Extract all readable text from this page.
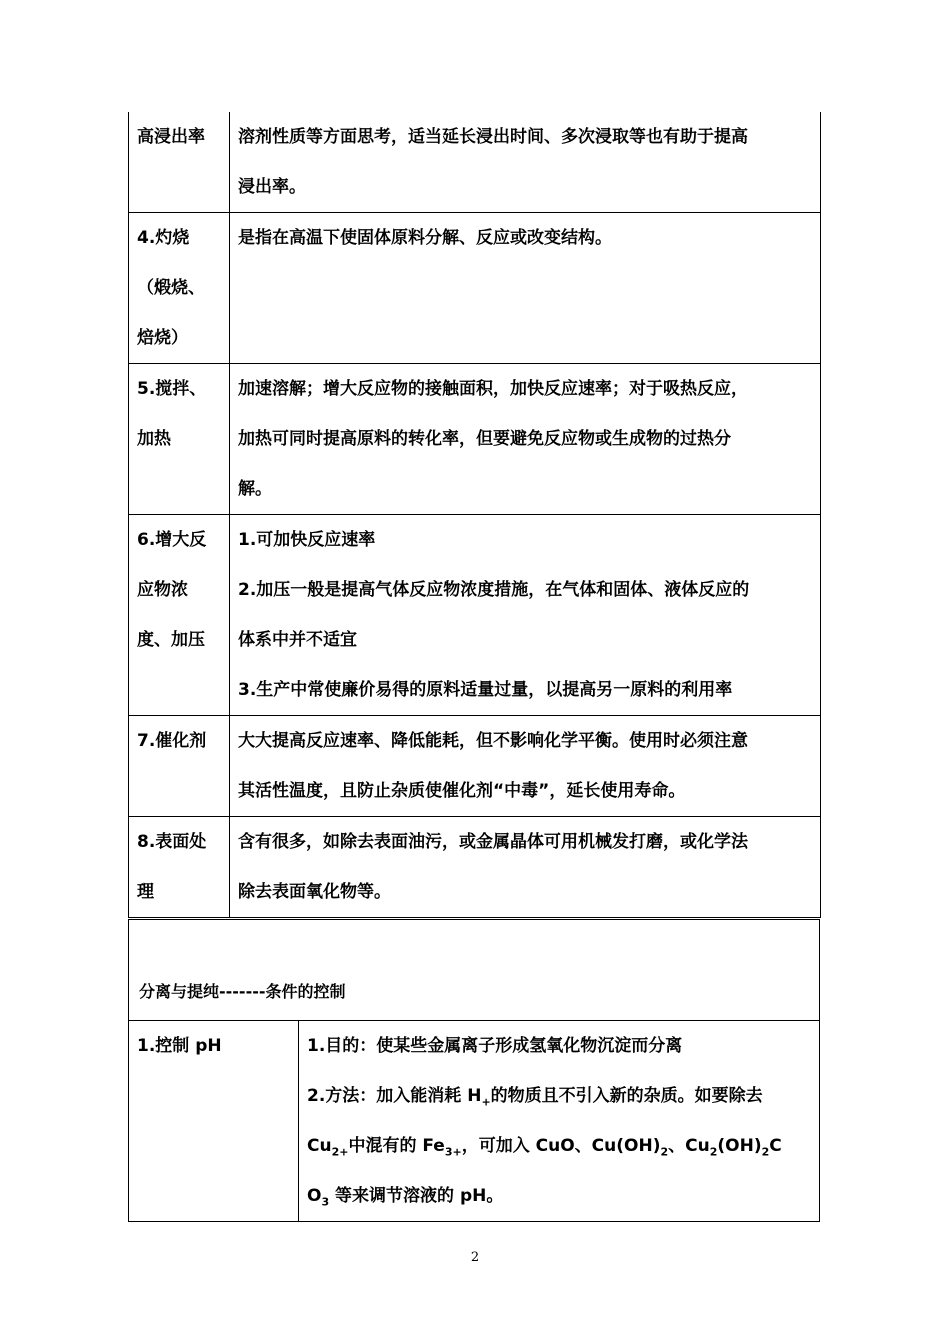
高浸出率	溶剂性质等方面思考，适当延长浸出时间、多次浸取等也有助于提高
浸出率。

4.灼烧
（煅烧、
焙烧）	是指在高温下使固体原料分解、反应或改变结构。

5.搅拌、
加热	加速溶解；增大反应物的接触面积，加快反应速率；对于吸热反应，
加热可同时提高原料的转化率，但要避免反应物或生成物的过热分
解。

6.增大反
应物浓
度、加压	1.可加快反应速率
2.加压一般是提高气体反应物浓度措施，在气体和固体、液体反应的
体系中并不适宜
3.生产中常使廉价易得的原料适量过量，以提高另一原料的利用率

7.催化剂	大大提高反应速率、降低能耗，但不影响化学平衡。使用时必须注意
其活性温度，且防止杂质使催化剂“中毒”，延长使用寿命。

8.表面处
理	含有很多，如除去表面油污，或金属晶体可用机械发打磨，或化学法
除去表面氧化物等。
分离与提纯-------条件的控制
1.控制 pH	1.目的：使某些金属离子形成氢氧化物沉淀而分离
2.方法：加入能消耗 $H_+$的物质且不引入新的杂质。如要除去
$Cu_{2+}$中混有的 $Fe_{3+}$，可加入 CuO、$Cu(OH)_2$、$Cu_2(OH)_2C$
$O_3$ 等来调节溶液的 pH。
2
